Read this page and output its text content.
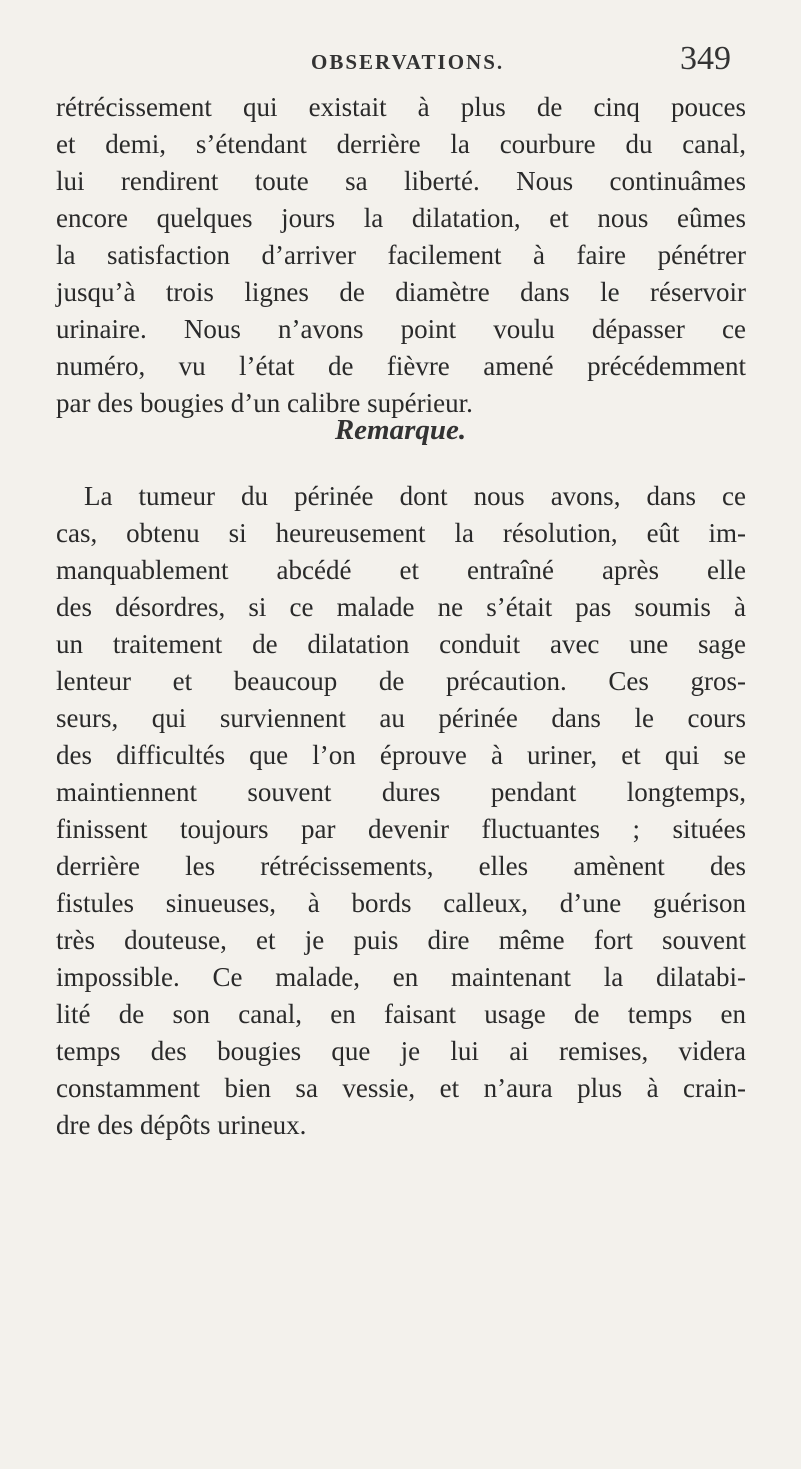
OBSERVATIONS.	349
rétrécissement qui existait à plus de cinq pouces
et demi, s’étendant derrière la courbure du canal,
lui rendirent toute sa liberté. Nous continuâmes
encore quelques jours la dilatation, et nous eûmes
la satisfaction d’arriver facilement à faire pénétrer
jusqu’à trois lignes de diamètre dans le réservoir
urinaire. Nous n’avons point voulu dépasser ce
numéro, vu l’état de fièvre amené précédemment
par des bougies d’un calibre supérieur.
Remarque.
La tumeur du périnée dont nous avons, dans ce
cas, obtenu si heureusement la résolution, eût im-
manquablement abcédé et entraîné après elle
des désordres, si ce malade ne s’était pas soumis à
un traitement de dilatation conduit avec une sage
lenteur et beaucoup de précaution. Ces gros-
seurs, qui surviennent au périnée dans le cours
des difficultés que l’on éprouve à uriner, et qui se
maintiennent souvent dures pendant longtemps,
finissent toujours par devenir fluctuantes ; situées
derrière les rétrécissements, elles amènent des
fistules sinueuses, à bords calleux, d’une guérison
très douteuse, et je puis dire même fort souvent
impossible. Ce malade, en maintenant la dilatabi-
lité de son canal, en faisant usage de temps en
temps des bougies que je lui ai remises, videra
constamment bien sa vessie, et n’aura plus à crain-
dre des dépôts urineux.
